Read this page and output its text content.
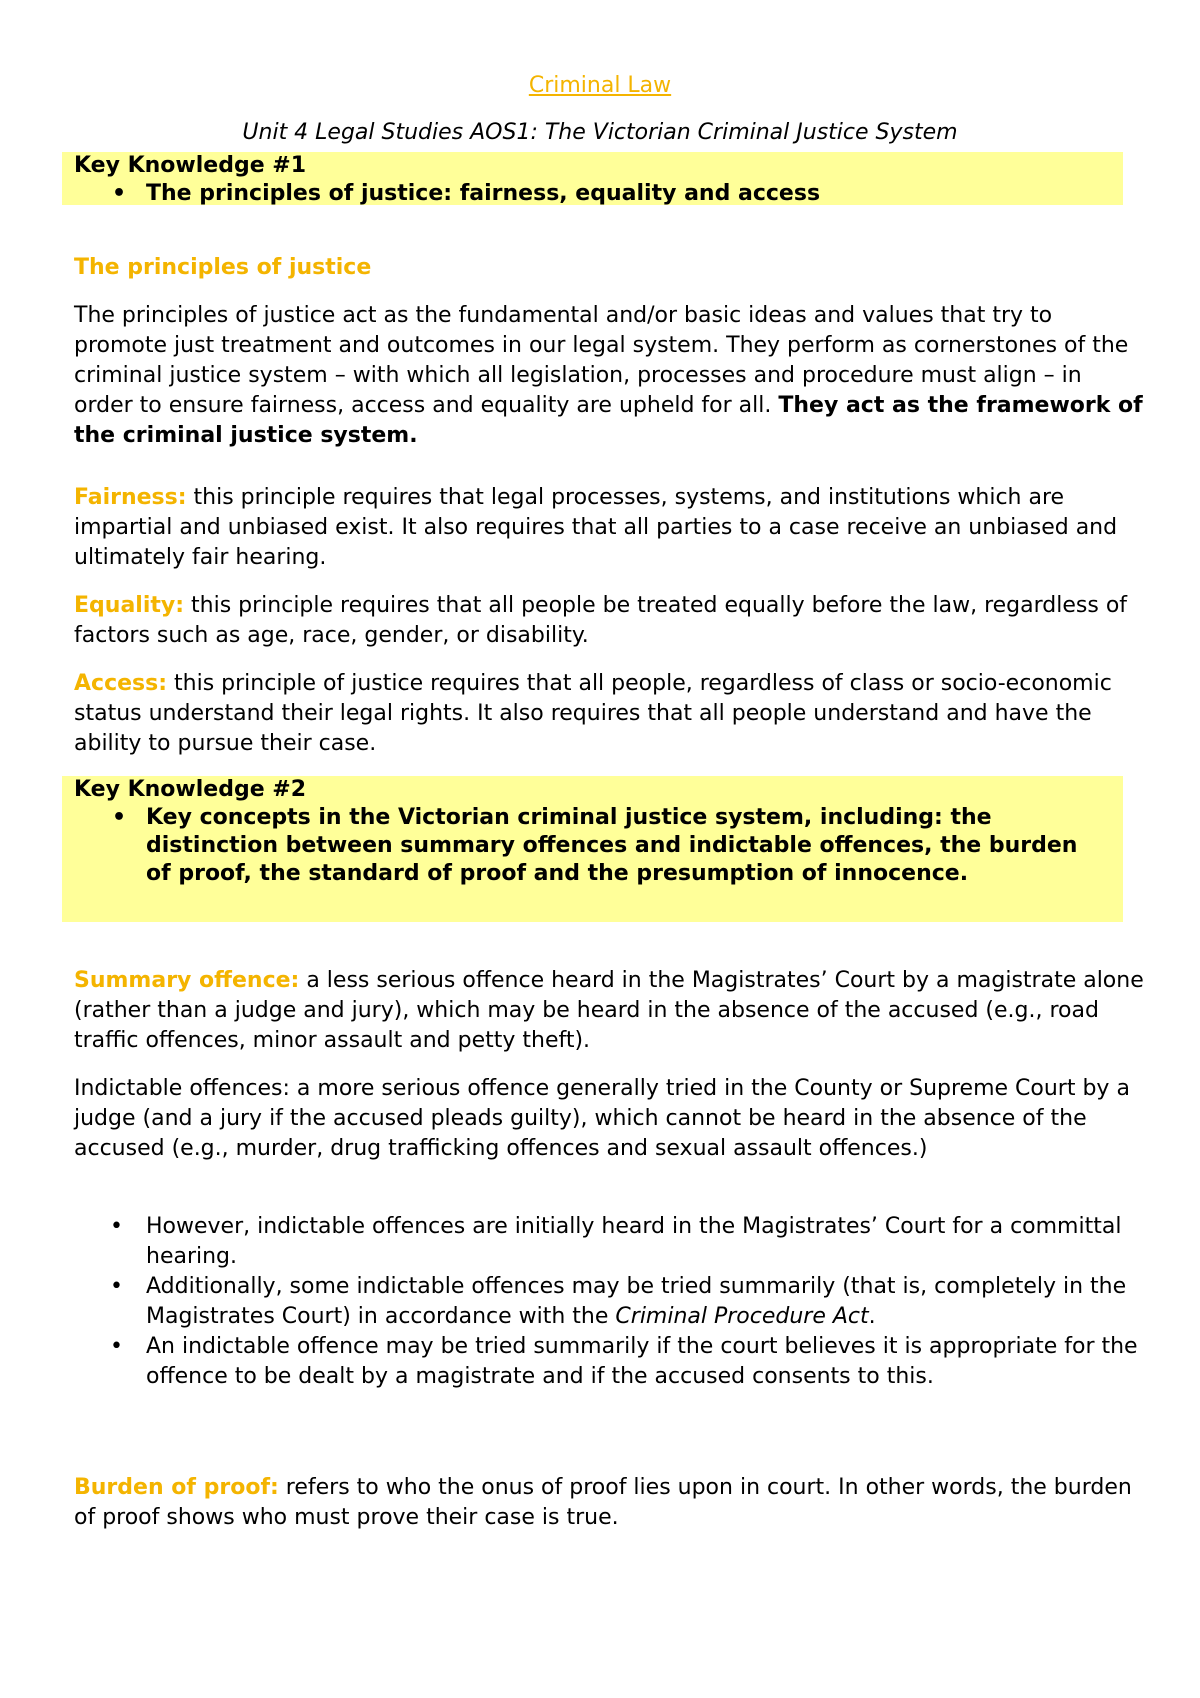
Criminal Law
Unit 4 Legal Studies AOS1: The Victorian Criminal Justice System
Key Knowledge #1
• The principles of justice: fairness, equality and access
The principles of justice
The principles of justice act as the fundamental and/or basic ideas and values that try to promote just treatment and outcomes in our legal system. They perform as cornerstones of the criminal justice system – with which all legislation, processes and procedure must align – in order to ensure fairness, access and equality are upheld for all. They act as the framework of the criminal justice system.
Fairness: this principle requires that legal processes, systems, and institutions which are impartial and unbiased exist. It also requires that all parties to a case receive an unbiased and ultimately fair hearing.
Equality: this principle requires that all people be treated equally before the law, regardless of factors such as age, race, gender, or disability.
Access: this principle of justice requires that all people, regardless of class or socio-economic status understand their legal rights. It also requires that all people understand and have the ability to pursue their case.
Key Knowledge #2
• Key concepts in the Victorian criminal justice system, including: the distinction between summary offences and indictable offences, the burden of proof, the standard of proof and the presumption of innocence.
Summary offence: a less serious offence heard in the Magistrates’ Court by a magistrate alone (rather than a judge and jury), which may be heard in the absence of the accused (e.g., road traffic offences, minor assault and petty theft).
Indictable offences: a more serious offence generally tried in the County or Supreme Court by a judge (and a jury if the accused pleads guilty), which cannot be heard in the absence of the accused (e.g., murder, drug trafficking offences and sexual assault offences.)
• However, indictable offences are initially heard in the Magistrates’ Court for a committal hearing.
• Additionally, some indictable offences may be tried summarily (that is, completely in the Magistrates Court) in accordance with the Criminal Procedure Act.
• An indictable offence may be tried summarily if the court believes it is appropriate for the offence to be dealt by a magistrate and if the accused consents to this.
Burden of proof: refers to who the onus of proof lies upon in court. In other words, the burden of proof shows who must prove their case is true.
